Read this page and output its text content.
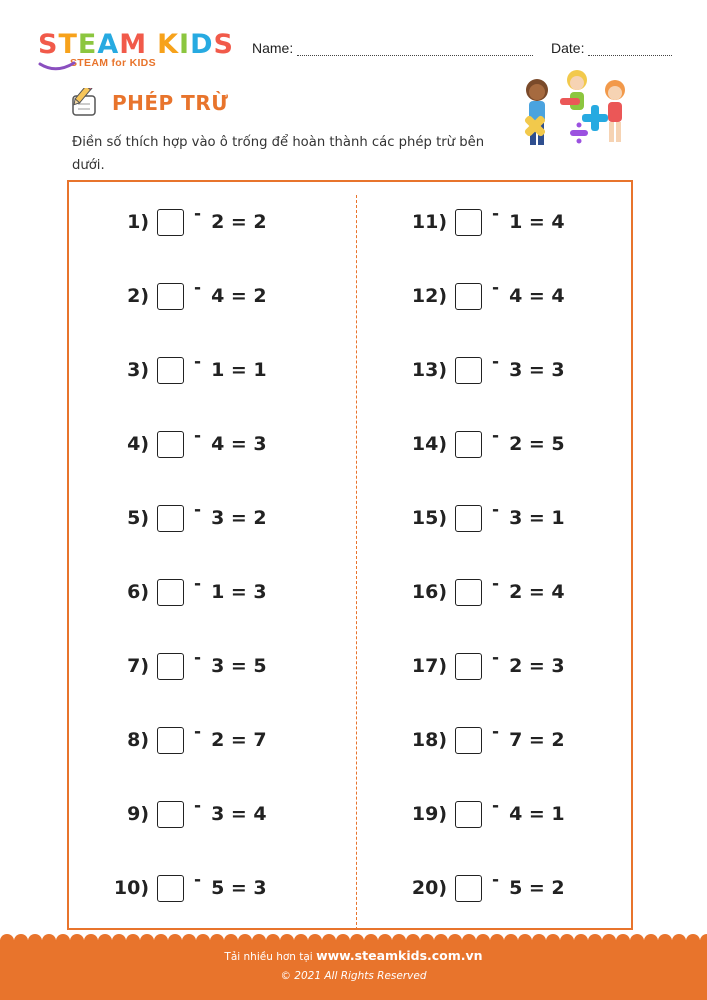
S T E A M K I D S
STEAM for KIDS
Name:	Date:
PHÉP TRỪ
Điền số thích hợp vào ô trống để hoàn thành các phép trừ bên dưới.
1)	- 2 = 2
2)	- 4 = 2
3)	- 1 = 1
4)	- 4 = 3
5)	- 3 = 2
6)	- 1 = 3
7)	- 3 = 5
8)	- 2 = 7
9)	- 3 = 4
10)	- 5 = 3
11)	- 1 = 4
12)	- 4 = 4
13)	- 3 = 3
14)	- 2 = 5
15)	- 3 = 1
16)	- 2 = 4
17)	- 2 = 3
18)	- 7 = 2
19)	- 4 = 1
20)	- 5 = 2
Tải nhiều hơn tại www.steamkids.com.vn
© 2021 All Rights Reserved
